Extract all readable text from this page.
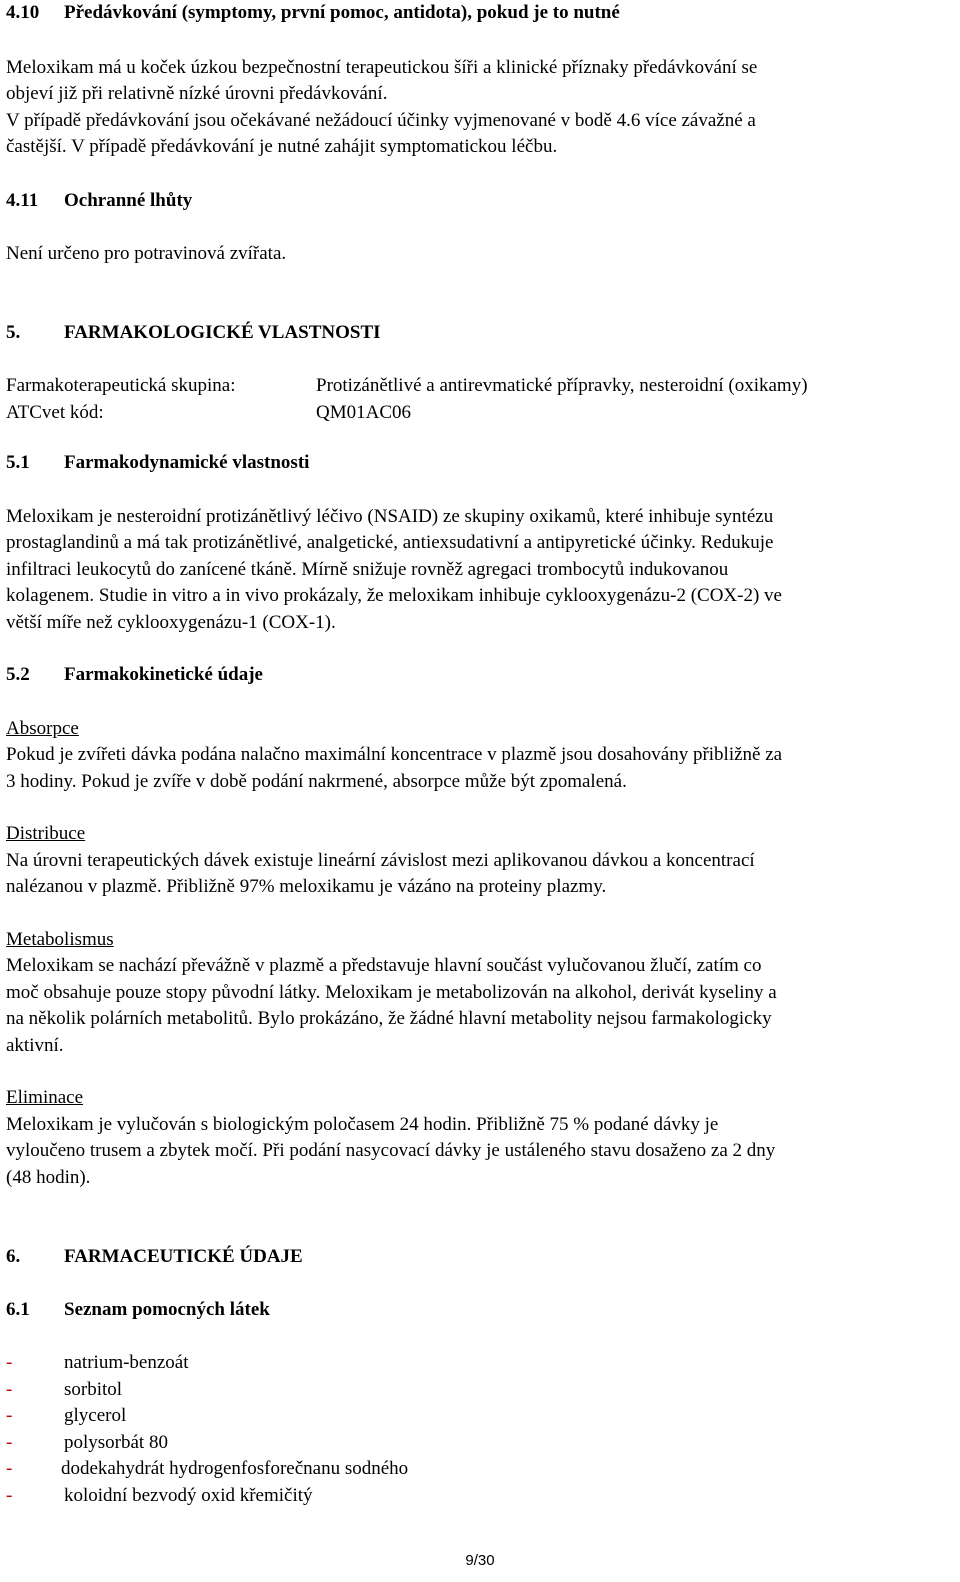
4.10	Předávkování (symptomy, první pomoc, antidota), pokud je to nutné

Meloxikam má u koček úzkou bezpečnostní terapeutickou šíři a klinické příznaky předávkování se

objeví již při relativně nízké úrovni předávkování.

V případě předávkování jsou očekávané nežádoucí účinky vyjmenované v bodě 4.6 více závažné a

častější. V případě předávkování je nutné zahájit symptomatickou léčbu.

4.11	Ochranné lhůty

Není určeno pro potravinová zvířata.

5.	FARMAKOLOGICKÉ VLASTNOSTI
Farmakoterapeutická skupina:	Protizánětlivé a antirevmatické přípravky, nesteroidní (oxikamy)
ATCvet kód:	QM01AC06
5.1	Farmakodynamické vlastnosti

Meloxikam je nesteroidní protizánětlivý léčivo (NSAID) ze skupiny oxikamů, které inhibuje syntézu

prostaglandinů a má tak protizánětlivé, analgetické, antiexsudativní a antipyretické účinky. Redukuje

infiltraci leukocytů do zanícené tkáně. Mírně snižuje rovněž agregaci trombocytů indukovanou

kolagenem. Studie in vitro a in vivo prokázaly, že meloxikam inhibuje cyklooxygenázu-2 (COX-2) ve

větší míře než cyklooxygenázu-1 (COX-1).

5.2	Farmakokinetické údaje

Absorpce

Pokud je zvířeti dávka podána nalačno maximální koncentrace v plazmě jsou dosahovány přibližně za

3 hodiny. Pokud je zvíře v době podání nakrmené, absorpce může být zpomalená.

Distribuce

Na úrovni terapeutických dávek existuje lineární závislost mezi aplikovanou dávkou a koncentrací

nalézanou v plazmě. Přibližně 97% meloxikamu je vázáno na proteiny plazmy.

Metabolismus

Meloxikam se nachází převážně v plazmě a představuje hlavní součást vylučovanou žlučí, zatím co

moč obsahuje pouze stopy původní látky. Meloxikam je metabolizován na alkohol, derivát kyseliny a

na několik polárních metabolitů. Bylo prokázáno, že žádné hlavní metabolity nejsou farmakologicky

aktivní.

Eliminace

Meloxikam je vylučován s biologickým poločasem 24 hodin. Přibližně 75 % podané dávky je

vyloučeno trusem a zbytek močí. Při podání nasycovací dávky je ustáleného stavu dosaženo za 2 dny

(48 hodin).

6.	FARMACEUTICKÉ ÚDAJE
6.1	Seznam pomocných látek
-	natrium-benzoát
-	sorbitol
-	glycerol
-	polysorbát 80
-	dodekahydrát hydrogenfosforečnanu sodného
-	koloidní bezvodý oxid křemičitý
9/30
